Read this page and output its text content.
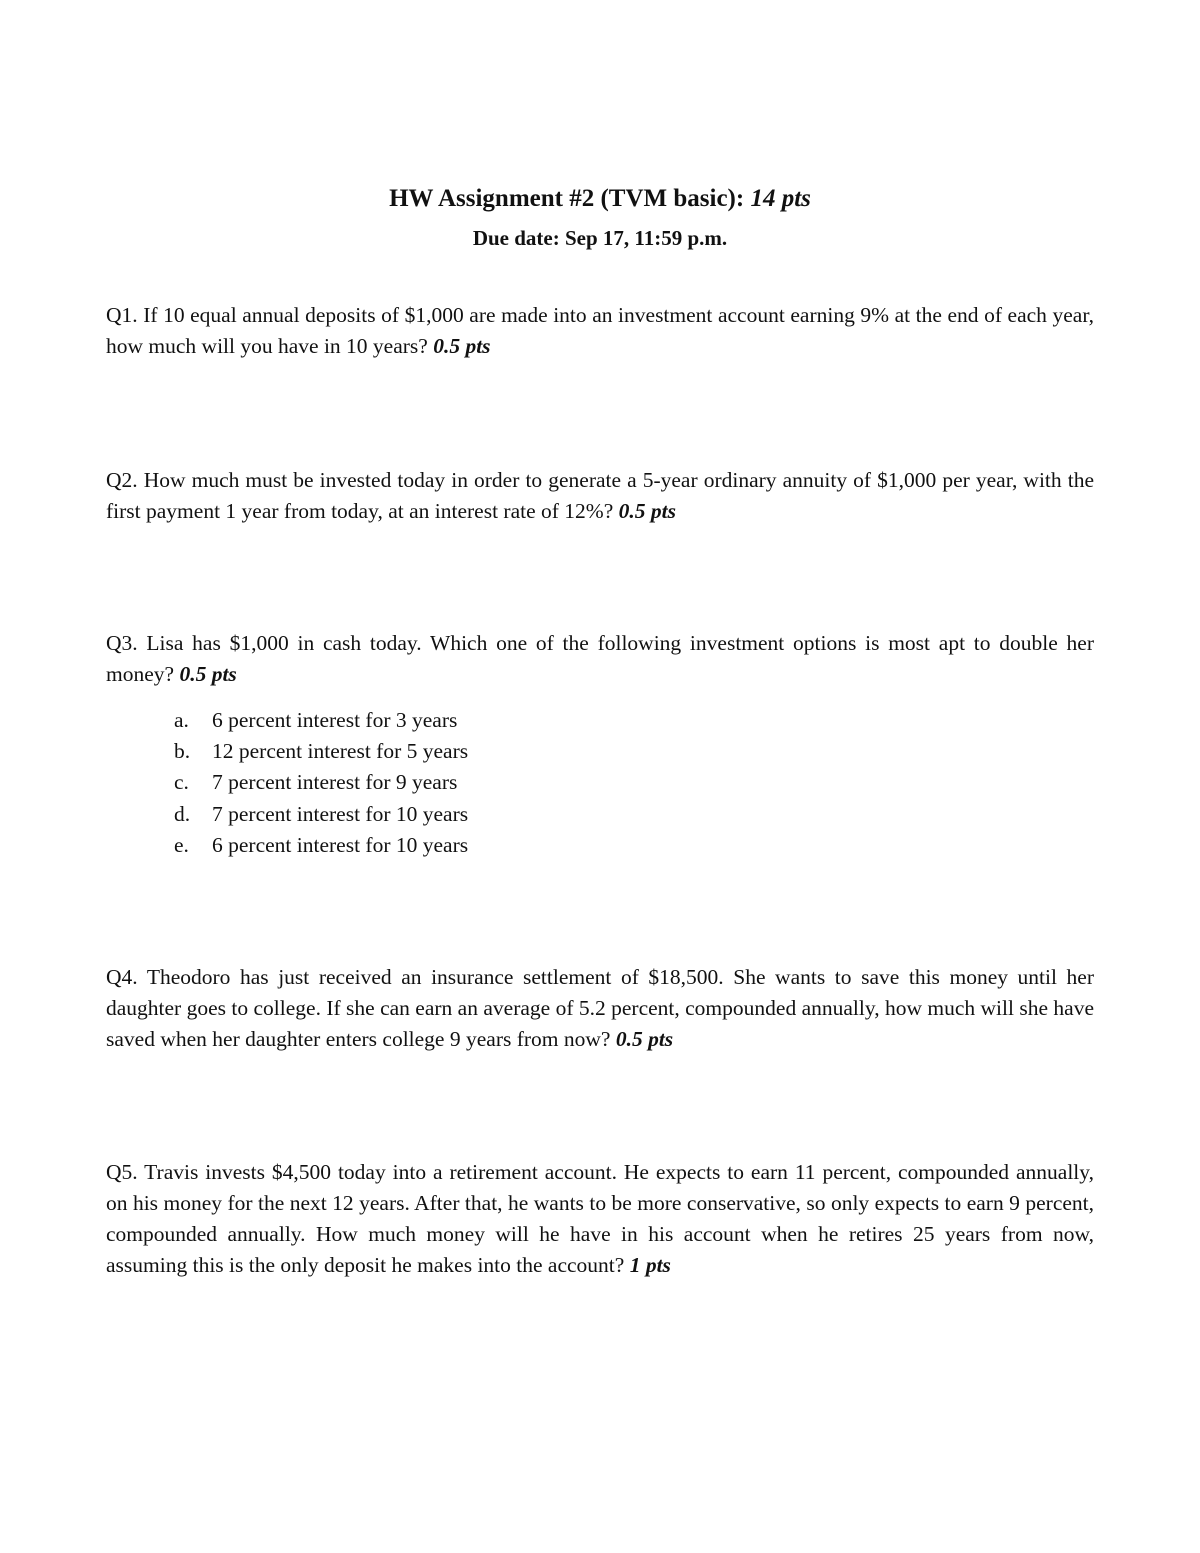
HW Assignment #2 (TVM basic): 14 pts
Due date: Sep 17, 11:59 p.m.
Q1. If 10 equal annual deposits of $1,000 are made into an investment account earning 9% at the end of each year, how much will you have in 10 years? 0.5 pts
Q2. How much must be invested today in order to generate a 5-year ordinary annuity of $1,000 per year, with the first payment 1 year from today, at an interest rate of 12%? 0.5 pts
Q3. Lisa has $1,000 in cash today. Which one of the following investment options is most apt to double her money? 0.5 pts
a. 6 percent interest for 3 years
b. 12 percent interest for 5 years
c. 7 percent interest for 9 years
d. 7 percent interest for 10 years
e. 6 percent interest for 10 years
Q4. Theodoro has just received an insurance settlement of $18,500. She wants to save this money until her daughter goes to college. If she can earn an average of 5.2 percent, compounded annually, how much will she have saved when her daughter enters college 9 years from now? 0.5 pts
Q5. Travis invests $4,500 today into a retirement account. He expects to earn 11 percent, compounded annually, on his money for the next 12 years. After that, he wants to be more conservative, so only expects to earn 9 percent, compounded annually. How much money will he have in his account when he retires 25 years from now, assuming this is the only deposit he makes into the account? 1 pts
